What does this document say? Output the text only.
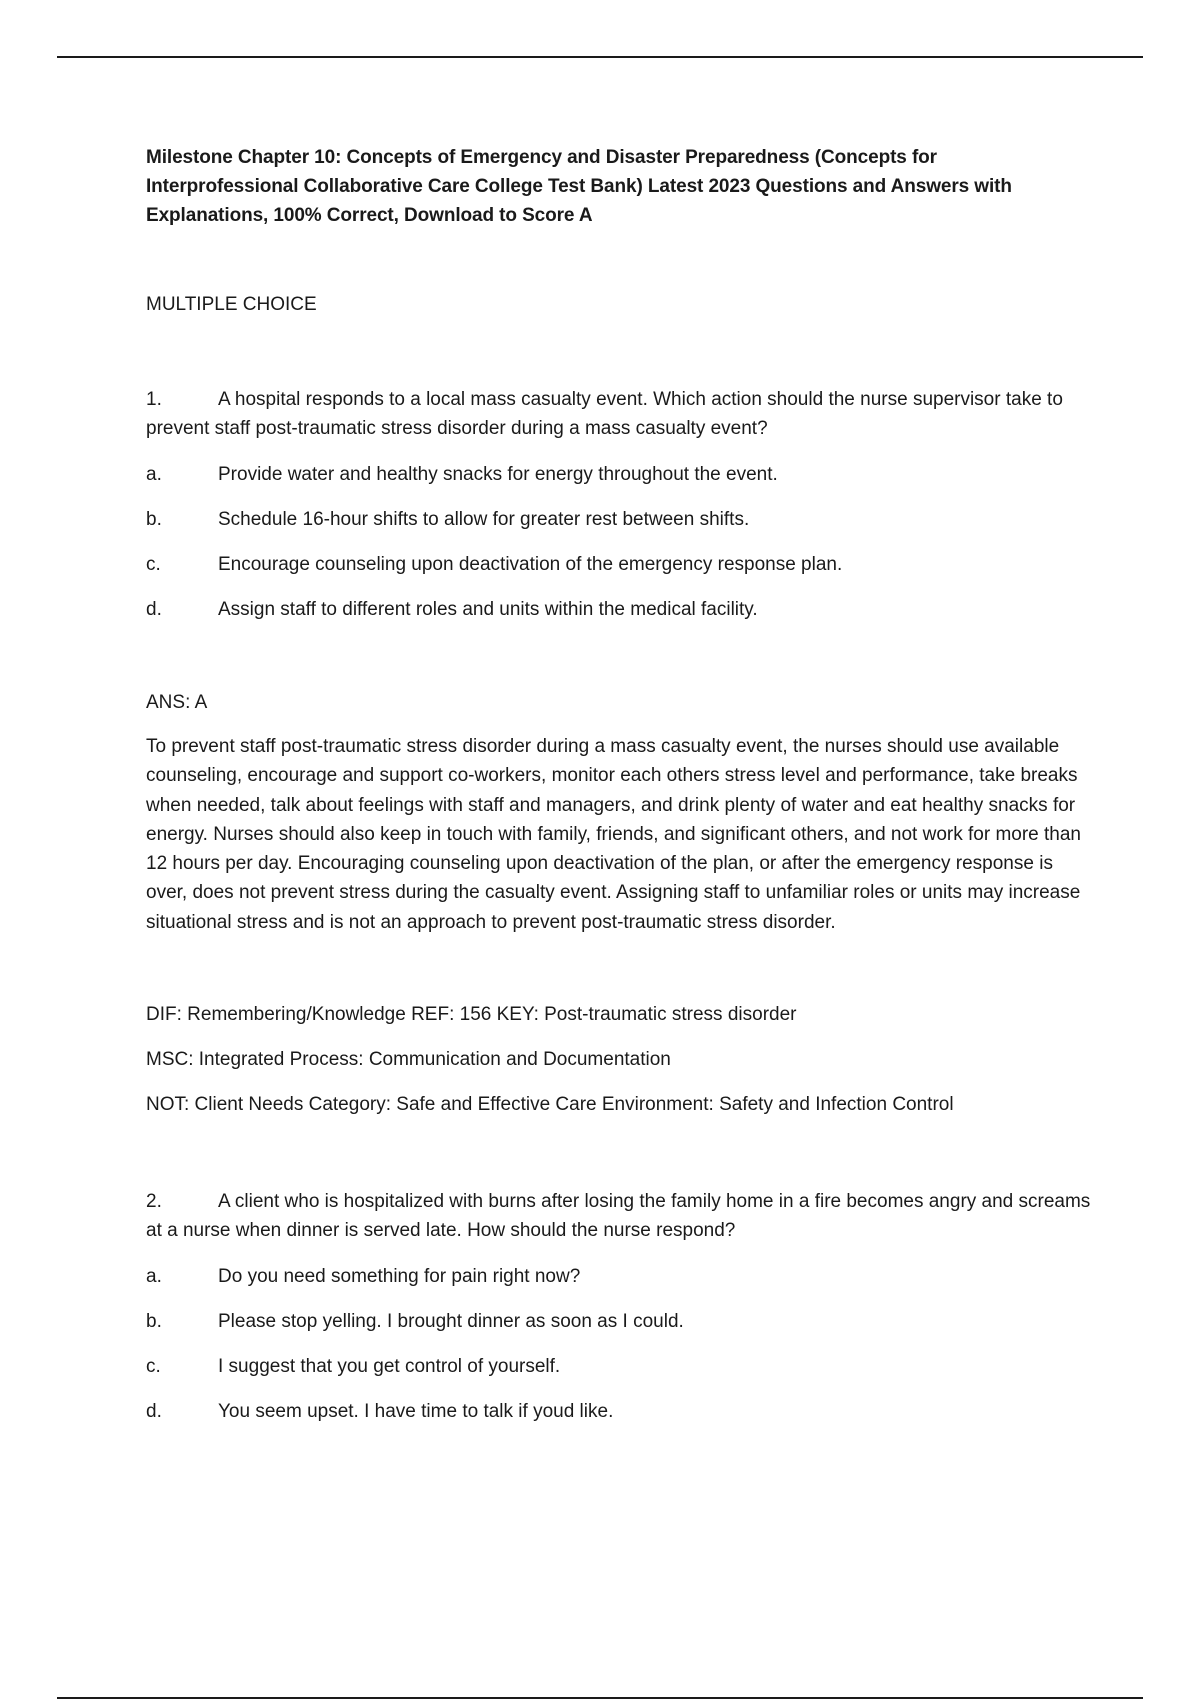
Milestone Chapter 10: Concepts of Emergency and Disaster Preparedness (Concepts for Interprofessional Collaborative Care College Test Bank) Latest 2023 Questions and Answers with Explanations, 100% Correct, Download to Score A

MULTIPLE CHOICE

1.	A hospital responds to a local mass casualty event. Which action should the nurse supervisor take to prevent staff post-traumatic stress disorder during a mass casualty event?

a.	Provide water and healthy snacks for energy throughout the event.
b.	Schedule 16-hour shifts to allow for greater rest between shifts.
c.	Encourage counseling upon deactivation of the emergency response plan.
d.	Assign staff to different roles and units within the medical facility.

ANS: A

To prevent staff post-traumatic stress disorder during a mass casualty event, the nurses should use available counseling, encourage and support co-workers, monitor each others stress level and performance, take breaks when needed, talk about feelings with staff and managers, and drink plenty of water and eat healthy snacks for energy. Nurses should also keep in touch with family, friends, and significant others, and not work for more than 12 hours per day. Encouraging counseling upon deactivation of the plan, or after the emergency response is over, does not prevent stress during the casualty event. Assigning staff to unfamiliar roles or units may increase situational stress and is not an approach to prevent post-traumatic stress disorder.

DIF: Remembering/Knowledge REF: 156 KEY: Post-traumatic stress disorder

MSC: Integrated Process: Communication and Documentation

NOT: Client Needs Category: Safe and Effective Care Environment: Safety and Infection Control

2.	A client who is hospitalized with burns after losing the family home in a fire becomes angry and screams at a nurse when dinner is served late. How should the nurse respond?

a.	Do you need something for pain right now?
b.	Please stop yelling. I brought dinner as soon as I could.
c.	I suggest that you get control of yourself.
d.	You seem upset. I have time to talk if youd like.
